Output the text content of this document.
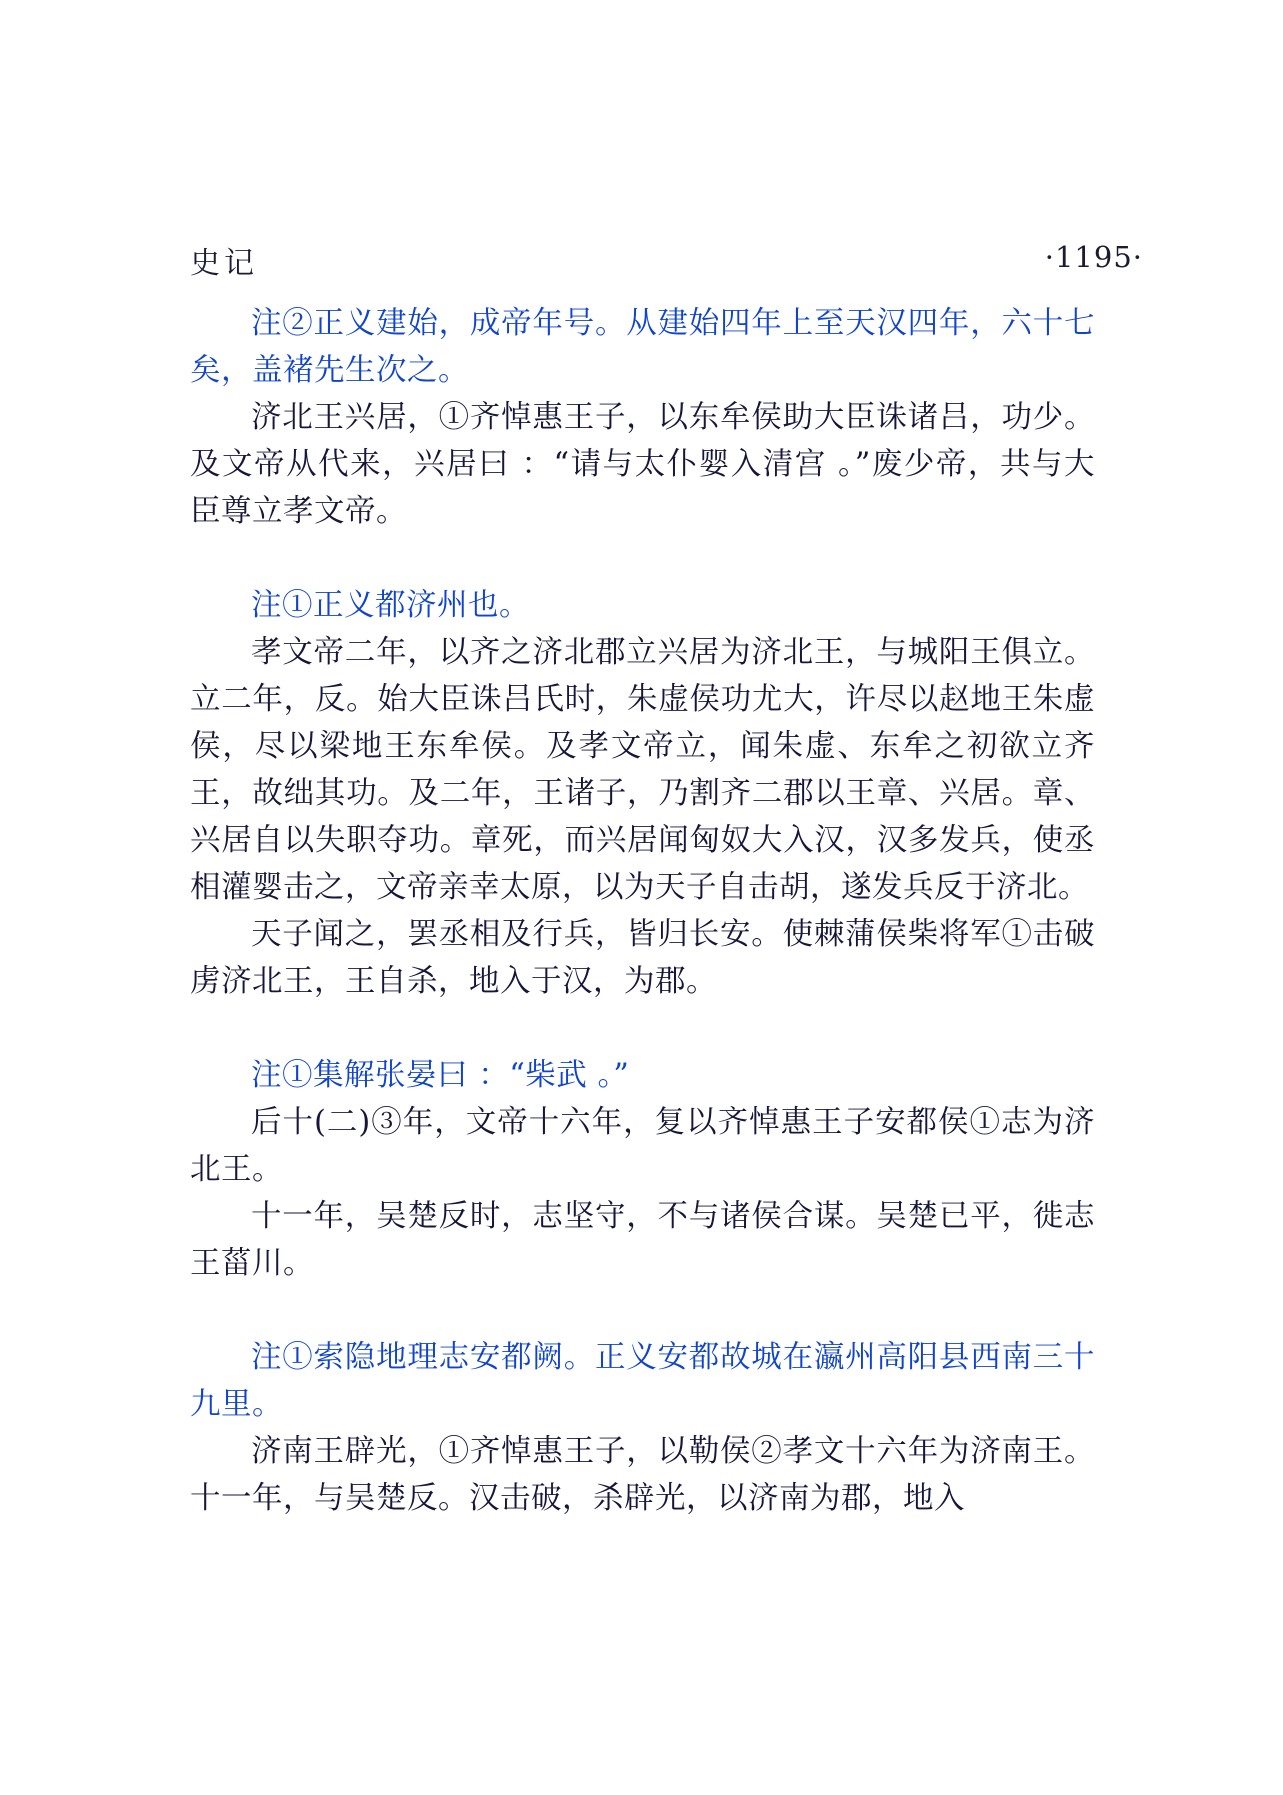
史记	·1195·

注②正义建始，成帝年号。从建始四年上至天汉四年，六十七矣，盖褚先生次之。

济北王兴居，①齐悼惠王子，以东牟侯助大臣诛诸吕，功少。及文帝从代来，兴居曰 ：“请与太仆婴入清宫 。”废少帝，共与大臣尊立孝文帝。

注①正义都济州也。

孝文帝二年，以齐之济北郡立兴居为济北王，与城阳王俱立。立二年，反。始大臣诛吕氏时，朱虚侯功尤大，许尽以赵地王朱虚侯，尽以梁地王东牟侯。及孝文帝立，闻朱虚、东牟之初欲立齐王，故绌其功。及二年，王诸子，乃割齐二郡以王章、兴居。章、兴居自以失职夺功。章死，而兴居闻匈奴大入汉，汉多发兵，使丞相灌婴击之，文帝亲幸太原，以为天子自击胡，遂发兵反于济北。

天子闻之，罢丞相及行兵，皆归长安。使棘蒲侯柴将军①击破虏济北王，王自杀，地入于汉，为郡。

注①集解张晏曰 ：“柴武 。”

后十(二)③年，文帝十六年，复以齐悼惠王子安都侯①志为济北王。

十一年，吴楚反时，志坚守，不与诸侯合谋。吴楚已平，徙志王菑川。

注①索隐地理志安都阙。正义安都故城在瀛州高阳县西南三十九里。

济南王辟光，①齐悼惠王子，以勒侯②孝文十六年为济南王。十一年，与吴楚反。汉击破，杀辟光，以济南为郡，地入
